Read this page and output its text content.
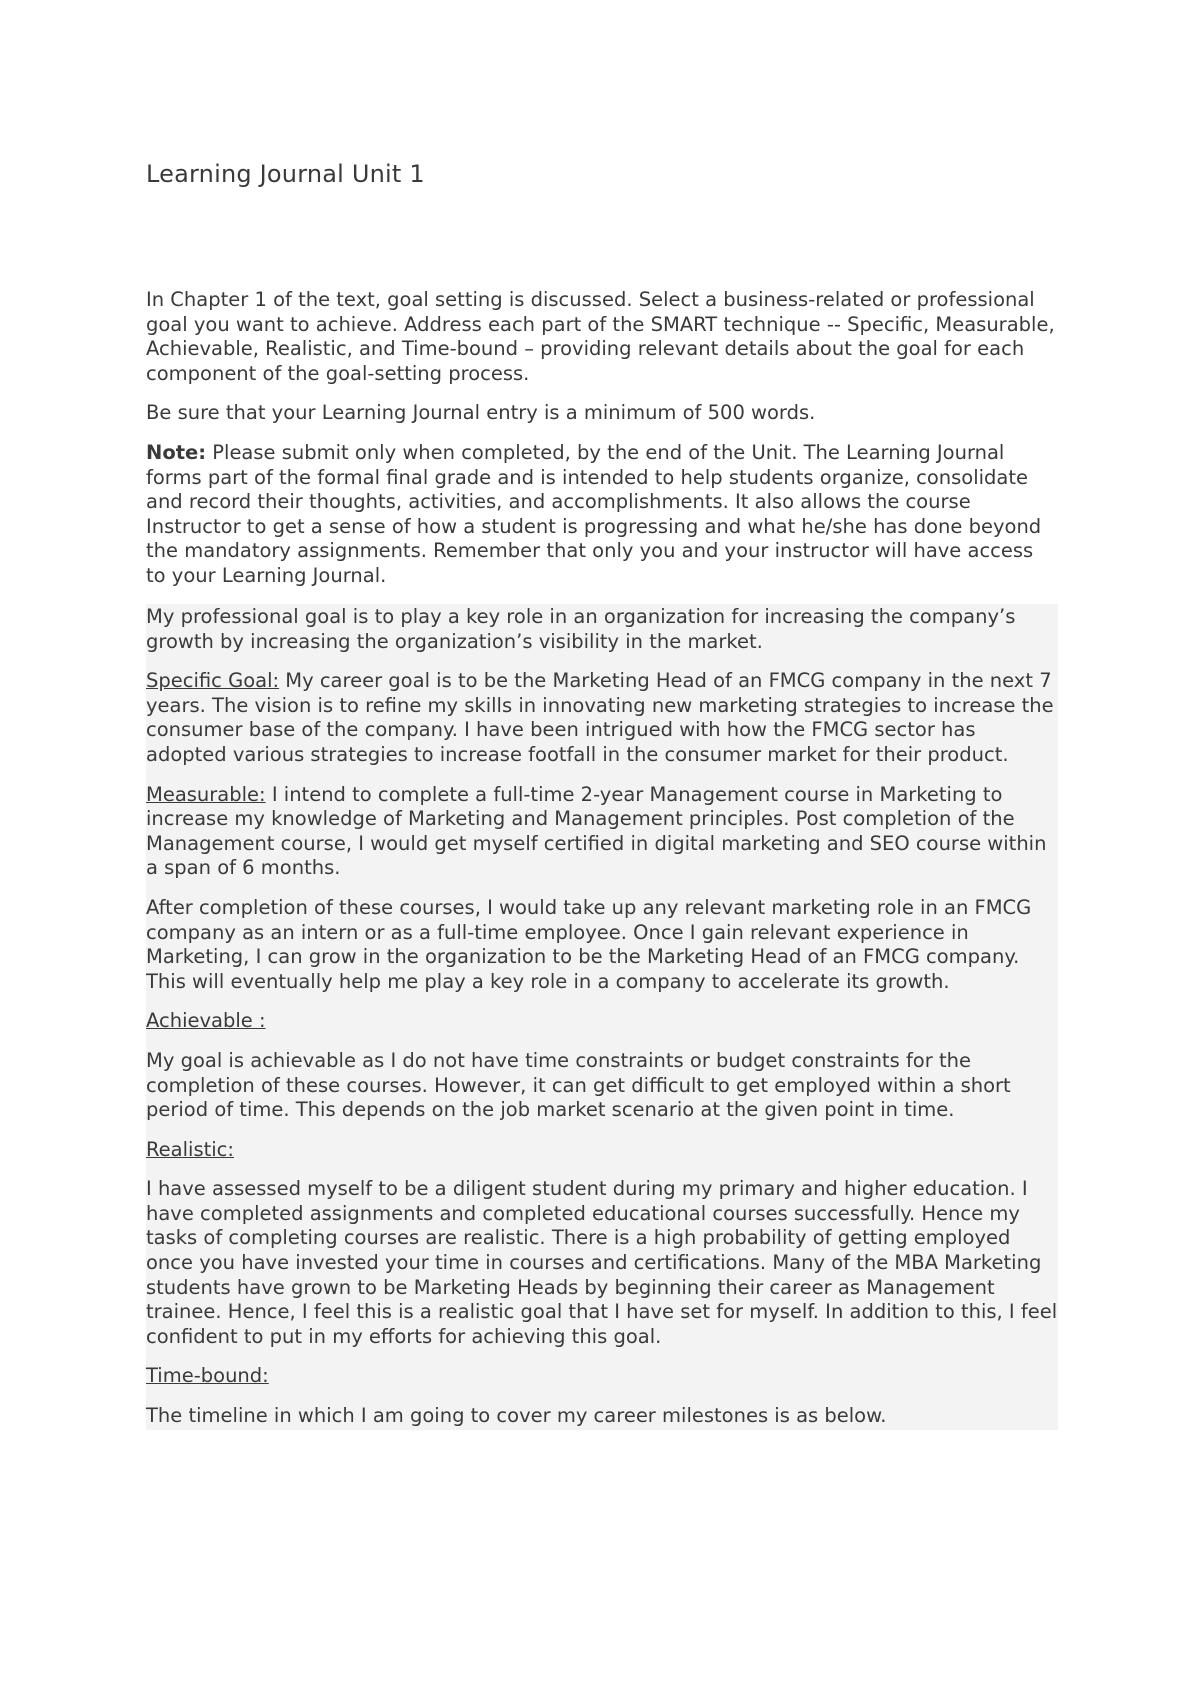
Learning Journal Unit 1

In Chapter 1 of the text, goal setting is discussed. Select a business-related or professional goal you want to achieve. Address each part of the SMART technique -- Specific, Measurable, Achievable, Realistic, and Time-bound – providing relevant details about the goal for each component of the goal-setting process.

Be sure that your Learning Journal entry is a minimum of 500 words.

Note: Please submit only when completed, by the end of the Unit. The Learning Journal forms part of the formal final grade and is intended to help students organize, consolidate and record their thoughts, activities, and accomplishments. It also allows the course Instructor to get a sense of how a student is progressing and what he/she has done beyond the mandatory assignments. Remember that only you and your instructor will have access to your Learning Journal.

My professional goal is to play a key role in an organization for increasing the company’s growth by increasing the organization’s visibility in the market.

Specific Goal: My career goal is to be the Marketing Head of an FMCG company in the next 7 years. The vision is to refine my skills in innovating new marketing strategies to increase the consumer base of the company. I have been intrigued with how the FMCG sector has adopted various strategies to increase footfall in the consumer market for their product.

Measurable: I intend to complete a full-time 2-year Management course in Marketing to increase my knowledge of Marketing and Management principles. Post completion of the Management course, I would get myself certified in digital marketing and SEO course within a span of 6 months.

After completion of these courses, I would take up any relevant marketing role in an FMCG company as an intern or as a full-time employee. Once I gain relevant experience in Marketing, I can grow in the organization to be the Marketing Head of an FMCG company. This will eventually help me play a key role in a company to accelerate its growth.

Achievable :

My goal is achievable as I do not have time constraints or budget constraints for the completion of these courses. However, it can get difficult to get employed within a short period of time. This depends on the job market scenario at the given point in time.

Realistic:

I have assessed myself to be a diligent student during my primary and higher education. I have completed assignments and completed educational courses successfully. Hence my tasks of completing courses are realistic. There is a high probability of getting employed once you have invested your time in courses and certifications. Many of the MBA Marketing students have grown to be Marketing Heads by beginning their career as Management trainee. Hence, I feel this is a realistic goal that I have set for myself. In addition to this, I feel confident to put in my efforts for achieving this goal.

Time-bound:

The timeline in which I am going to cover my career milestones is as below.
